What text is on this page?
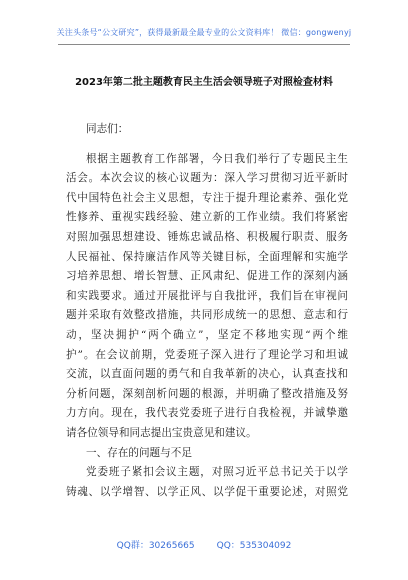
关注头条号“公文研究”，获得最新最全最专业的公文资料库！ 微信：gongwenyj
2023年第二批主题教育民主生活会领导班子对照检查材料
同志们：
根据主题教育工作部署，今日我们举行了专题民主生
活会。本次会议的核心议题为：深入学习贯彻习近平新时
代中国特色社会主义思想，专注于提升理论素养、强化党
性修养、重视实践经验、建立新的工作业绩。我们将紧密
对照加强思想建设、锤炼忠诚品格、积极履行职责、服务
人民福祉、保持廉洁作风等关键目标，全面理解和实施学
习培养思想、增长智慧、正风肃纪、促进工作的深刻内涵
和实践要求。通过开展批评与自我批评，我们旨在审视问
题并采取有效整改措施，共同形成统一的思想、意志和行
动，坚决拥护“两个确立”，坚定不移地实现“两个维
护”。在会议前期，党委班子深入进行了理论学习和坦诚
交流，以直面问题的勇气和自我革新的决心，认真查找和
分析问题，深刻剖析问题的根源，并明确了整改措施及努
力方向。现在，我代表党委班子进行自我检视，并诚挚邀
请各位领导和同志提出宝贵意见和建议。
一、存在的问题与不足
党委班子紧扣会议主题，对照习近平总书记关于以学
铸魂、以学增智、以学正风、以学促干重要论述，对照党
QQ群：30265665 QQ：535304092
